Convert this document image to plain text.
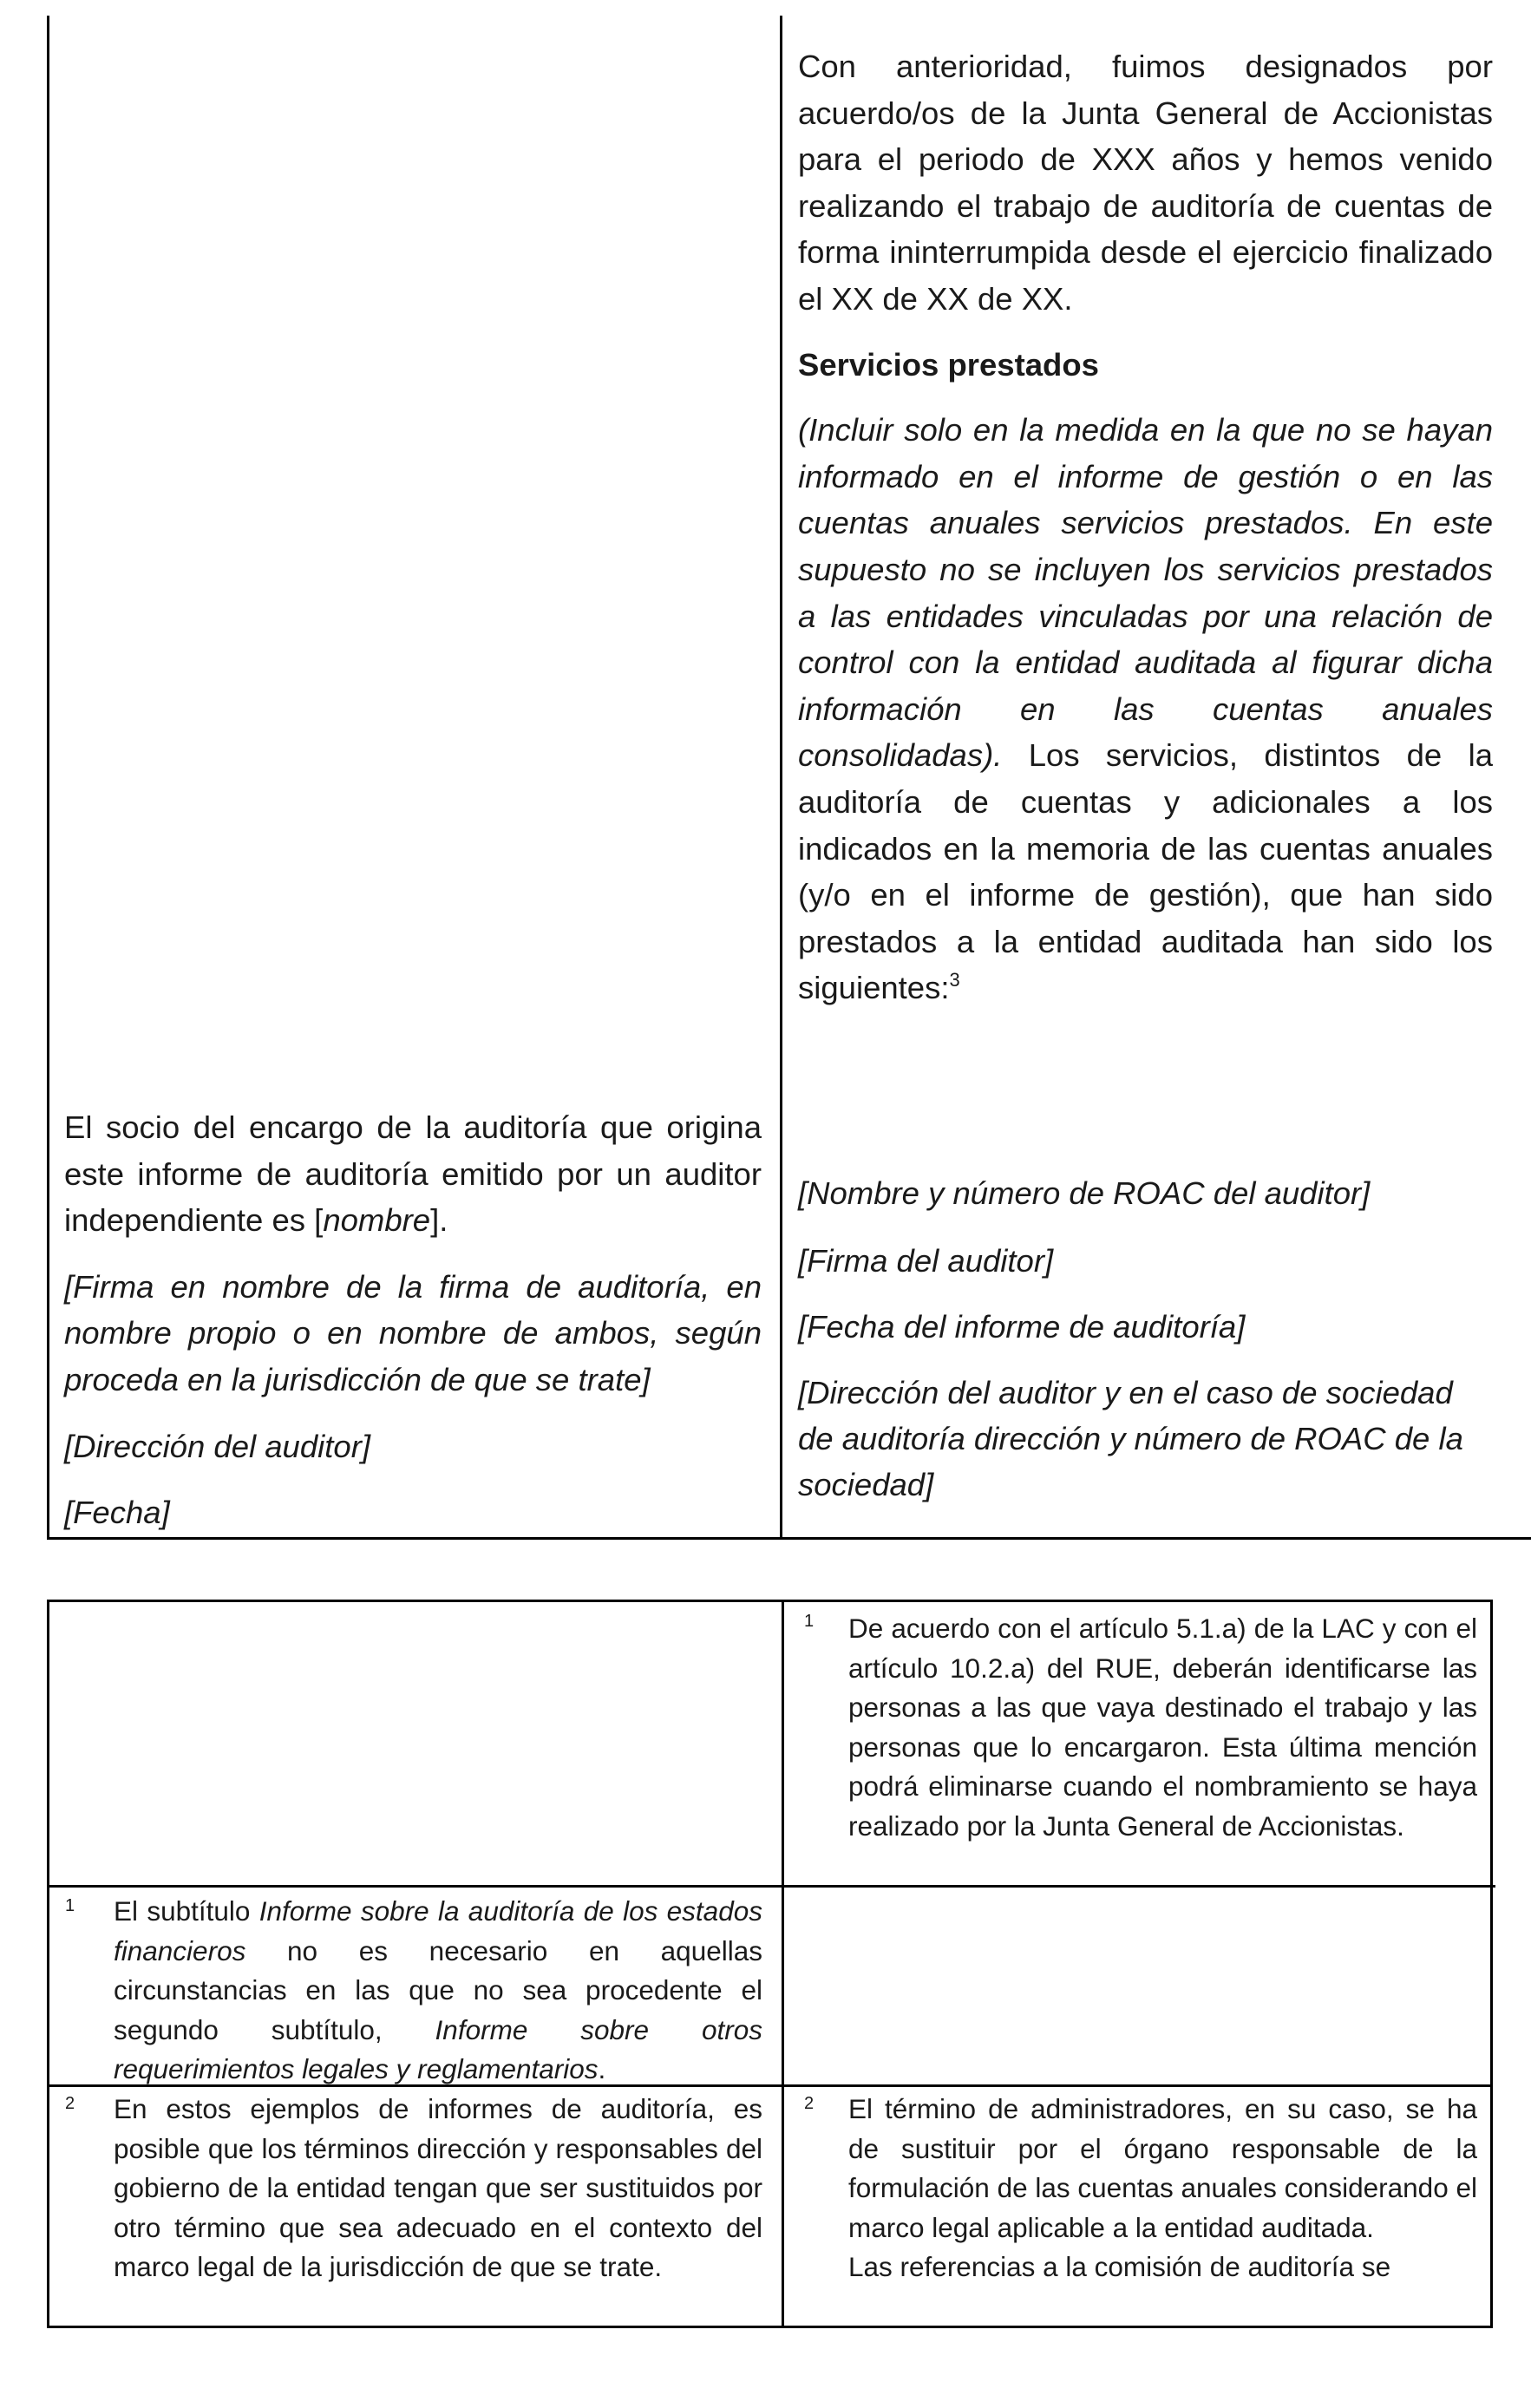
Con anterioridad, fuimos designados por acuerdo/os de la Junta General de Accionistas para el periodo de XXX años y hemos venido realizando el trabajo de auditoría de cuentas de forma ininterrumpida desde el ejercicio finalizado el XX de XX de XX.

Servicios prestados

(Incluir solo en la medida en la que no se hayan informado en el informe de gestión o en las cuentas anuales servicios prestados. En este supuesto no se incluyen los servicios prestados a las entidades vinculadas por una relación de control con la entidad auditada al figurar dicha información en las cuentas anuales consolidadas). Los servicios, distintos de la auditoría de cuentas y adicionales a los indicados en la memoria de las cuentas anuales (y/o en el informe de gestión), que han sido prestados a la entidad auditada han sido los siguientes:$^3$

El socio del encargo de la auditoría que origina este informe de auditoría emitido por un auditor independiente es [nombre].

[Firma en nombre de la firma de auditoría, en nombre propio o en nombre de ambos, según proceda en la jurisdicción de que se trate]

[Dirección del auditor]

[Fecha]

[Nombre y número de ROAC del auditor]

[Firma del auditor]

[Fecha del informe de auditoría]

[Dirección del auditor y en el caso de sociedad de auditoría dirección y número de ROAC de la sociedad]

1 De acuerdo con el artículo 5.1.a) de la LAC y con el artículo 10.2.a) del RUE, deberán identificarse las personas a las que vaya destinado el trabajo y las personas que lo encargaron. Esta última mención podrá eliminarse cuando el nombramiento se haya realizado por la Junta General de Accionistas.
1 El subtítulo Informe sobre la auditoría de los estados financieros no es necesario en aquellas circunstancias en las que no sea procedente el segundo subtítulo, Informe sobre otros requerimientos legales y reglamentarios.
2 En estos ejemplos de informes de auditoría, es posible que los términos dirección y responsables del gobierno de la entidad tengan que ser sustituidos por otro término que sea adecuado en el contexto del marco legal de la jurisdicción de que se trate.
2 El término de administradores, en su caso, se ha de sustituir por el órgano responsable de la formulación de las cuentas anuales considerando el marco legal aplicable a la entidad auditada.

Las referencias a la comisión de auditoría se
